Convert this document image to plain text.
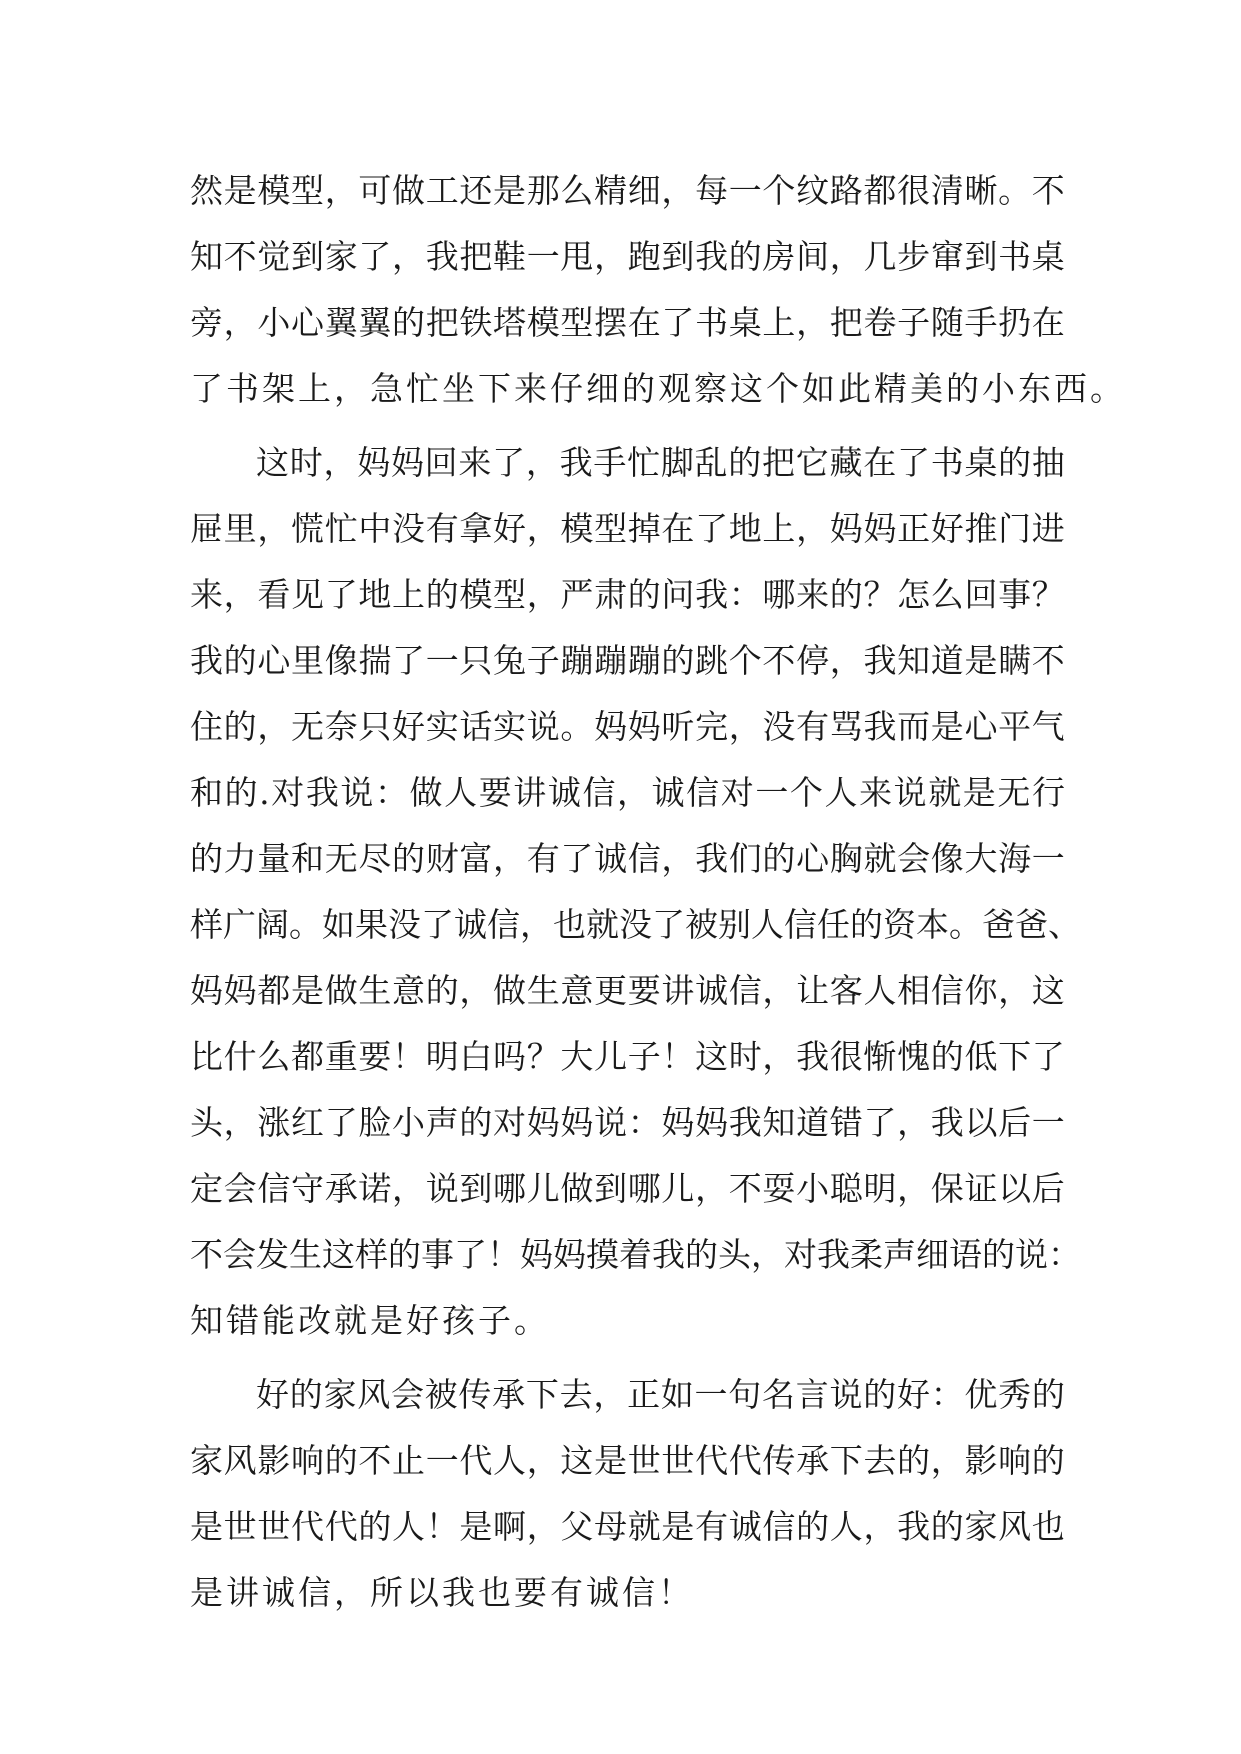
然 是 模 型 ， 可 做 工 还 是 那 么 精 细 ， 每 一 个 纹 路 都 很 清 晰 。 不
知 不 觉 到 家 了 ， 我 把 鞋 一 甩 ， 跑 到 我 的 房 间 ， 几 步 窜 到 书 桌
旁 ， 小 心 翼 翼 的 把 铁 塔 模 型 摆 在 了 书 桌 上 ， 把 卷 子 随 手 扔 在
了书架上，急忙坐下来仔细的观察这个如此精美的小东西。
这 时 ， 妈 妈 回 来 了 ， 我 手 忙 脚 乱 的 把 它 藏 在 了 书 桌 的 抽
屉 里 ， 慌 忙 中 没 有 拿 好 ， 模 型 掉 在 了 地 上 ， 妈 妈 正 好 推 门 进
来 ， 看 见 了 地 上 的 模 型 ， 严 肃 的 问 我 ： 哪 来 的 ？ 怎 么 回 事 ？
我 的 心 里 像 揣 了 一 只 兔 子 蹦 蹦 蹦 的 跳 个 不 停 ， 我 知 道 是 瞒 不
住 的 ， 无 奈 只 好 实 话 实 说 。 妈 妈 听 完 ， 没 有 骂 我 而 是 心 平 气
和 的 . 对 我 说 ： 做 人 要 讲 诚 信 ， 诚 信 对 一 个 人 来 说 就 是 无 行
的 力 量 和 无 尽 的 财 富 ， 有 了 诚 信 ， 我 们 的 心 胸 就 会 像 大 海 一
样 广 阔 。 如 果 没 了 诚 信 ， 也 就 没 了 被 别 人 信 任 的 资 本 。 爸 爸 、
妈 妈 都 是 做 生 意 的 ， 做 生 意 更 要 讲 诚 信 ， 让 客 人 相 信 你 ， 这
比 什 么 都 重 要 ！ 明 白 吗 ？ 大 儿 子 ！ 这 时 ， 我 很 惭 愧 的 低 下 了
头 ， 涨 红 了 脸 小 声 的 对 妈 妈 说 ： 妈 妈 我 知 道 错 了 ， 我 以 后 一
定 会 信 守 承 诺 ， 说 到 哪 儿 做 到 哪 儿 ， 不 耍 小 聪 明 ， 保 证 以 后
不 会 发 生 这 样 的 事 了 ！ 妈 妈 摸 着 我 的 头 ， 对 我 柔 声 细 语 的 说 ：
知错能改就是好孩子。
好 的 家 风 会 被 传 承 下 去 ， 正 如 一 句 名 言 说 的 好 ： 优 秀 的
家 风 影 响 的 不 止 一 代 人 ， 这 是 世 世 代 代 传 承 下 去 的 ， 影 响 的
是 世 世 代 代 的 人 ！ 是 啊 ， 父 母 就 是 有 诚 信 的 人 ， 我 的 家 风 也
是讲诚信，所以我也要有诚信！
